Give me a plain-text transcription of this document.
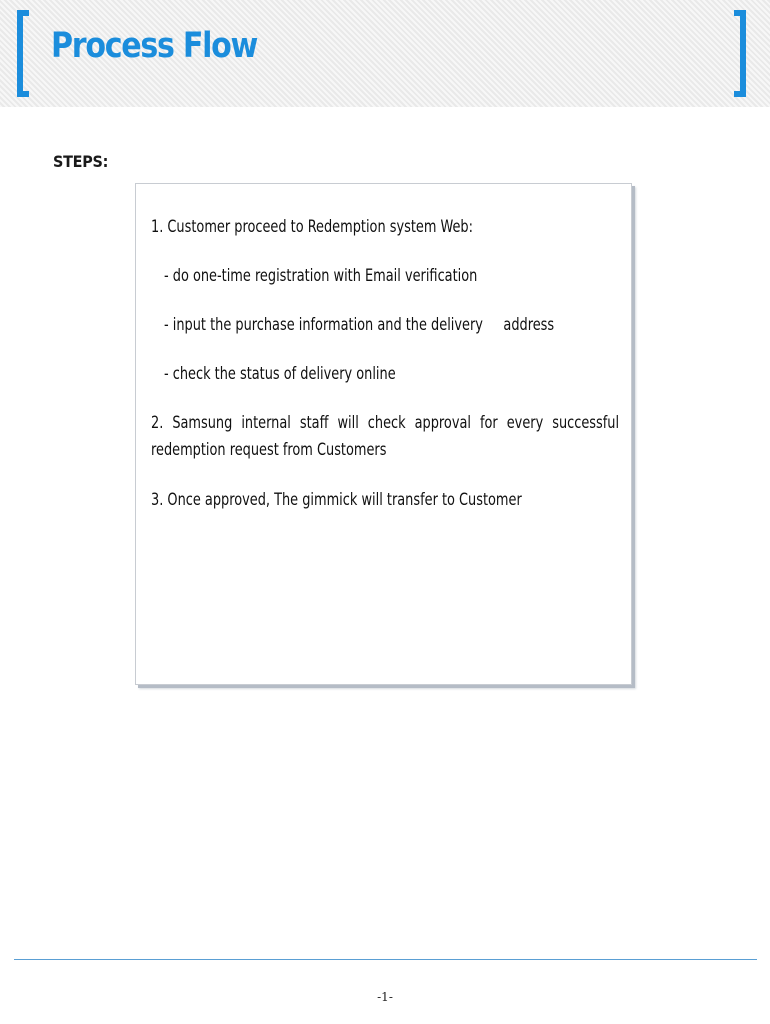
Process Flow
STEPS:

1. Customer proceed to Redemption system Web:

- do one-time registration with Email verification

- input the purchase information and the delivery     address

- check the status of delivery online

2. Samsung internal staff will check approval for every successful redemption request from Customers

3. Once approved, The gimmick will transfer to Customer

-1-
